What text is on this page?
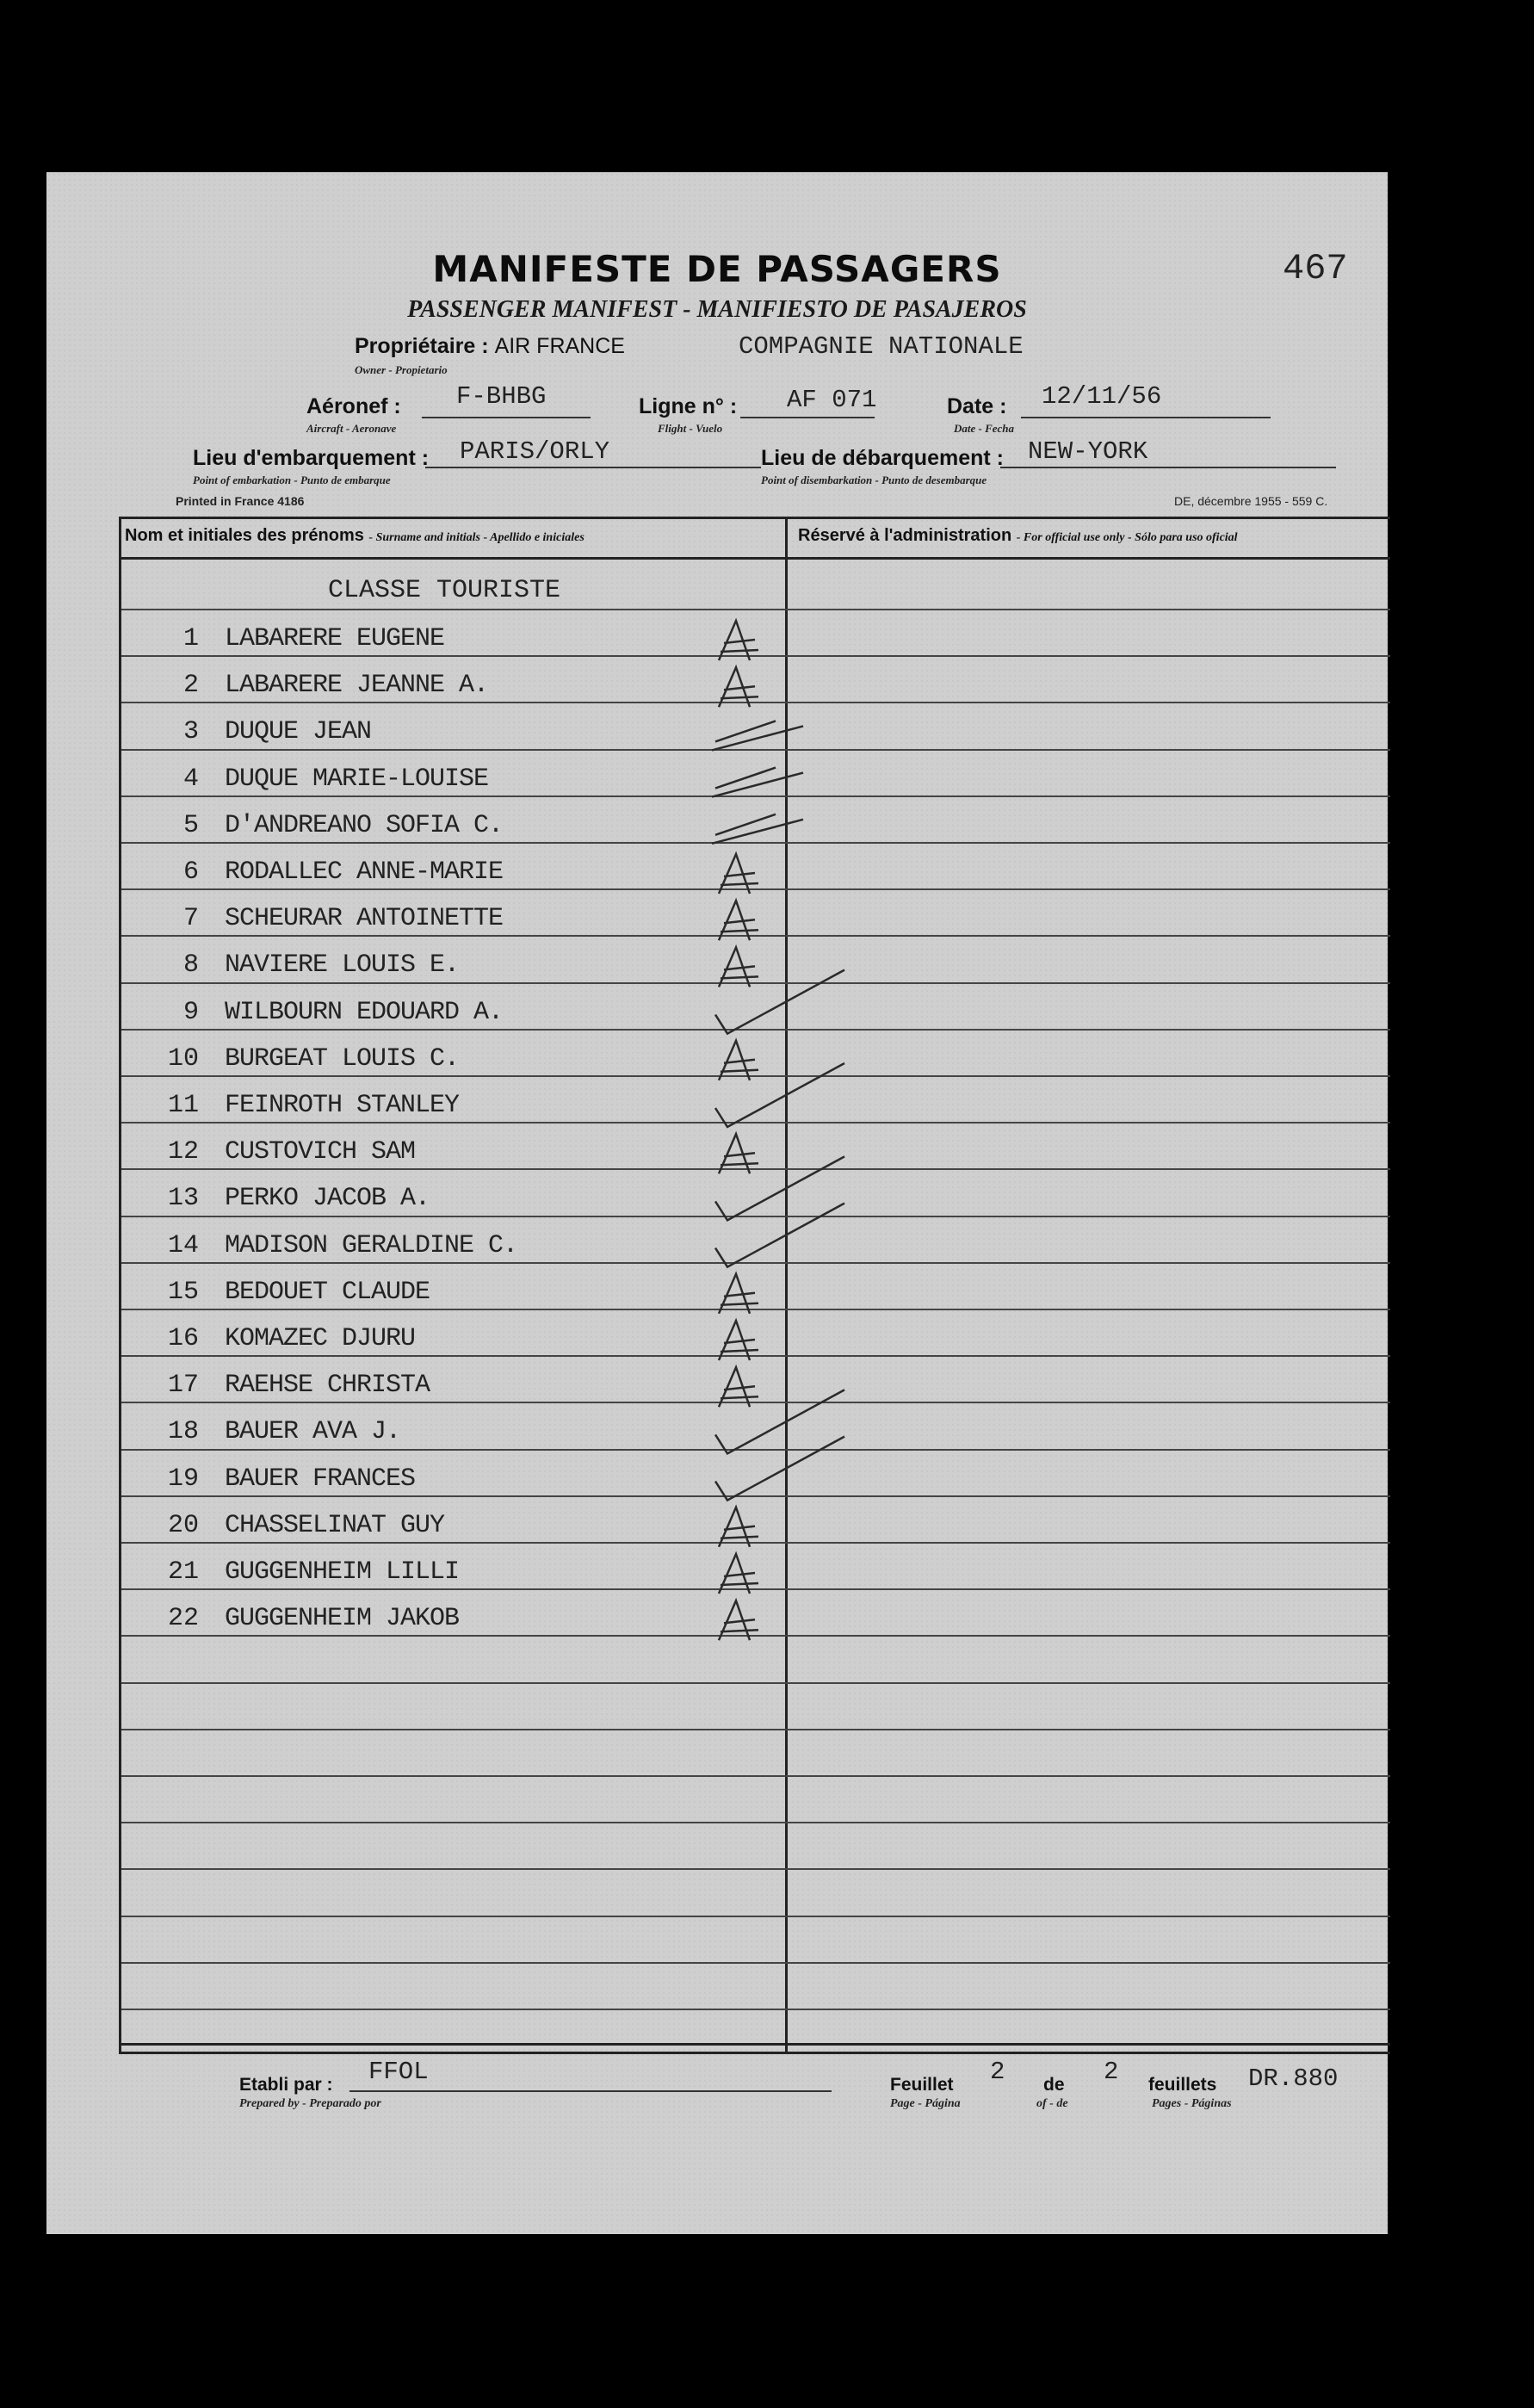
MANIFESTE DE PASSAGERS	467
PASSENGER MANIFEST - MANIFIESTO DE PASAJEROS
Propriétaire : AIR FRANCE	COMPAGNIE NATIONALE
Owner - Propietario
Aéronef : F-BHBG
Aircraft - Aeronave
Ligne n° : AF 071
Flight - Vuelo
Date : 12/11/56
Date - Fecha
Lieu d'embarquement : PARIS/ORLY
Point of embarkation - Punto de embarque
Lieu de débarquement : NEW-YORK
Point of disembarkation - Punto de desembarque
Printed in France 4186	DE, décembre 1955 - 559 C.
Nom et initiales des prénoms - Surname and initials - Apellido e iniciales	Réservé à l'administration - For official use only - Sólo para uso oficial
CLASSE TOURISTE
1 LABARERE EUGENE
2 LABARERE JEANNE A.
3 DUQUE JEAN
4 DUQUE MARIE-LOUISE
5 D'ANDREANO SOFIA C.
6 RODALLEC ANNE-MARIE
7 SCHEURAR ANTOINETTE
8 NAVIERE LOUIS E.
9 WILBOURN EDOUARD A.
10 BURGEAT LOUIS C.
11 FEINROTH STANLEY
12 CUSTOVICH SAM
13 PERKO JACOB A.
14 MADISON GERALDINE C.
15 BEDOUET CLAUDE
16 KOMAZEC DJURU
17 RAEHSE CHRISTA
18 BAUER AVA J.
19 BAUER FRANCES
20 CHASSELINAT GUY
21 GUGGENHEIM LILLI
22 GUGGENHEIM JAKOB
Etabli par : FFOL
Prepared by - Preparado por
Feuillet 2 de 2 feuillets DR.880
Page - Página	of - de	Pages - Páginas
